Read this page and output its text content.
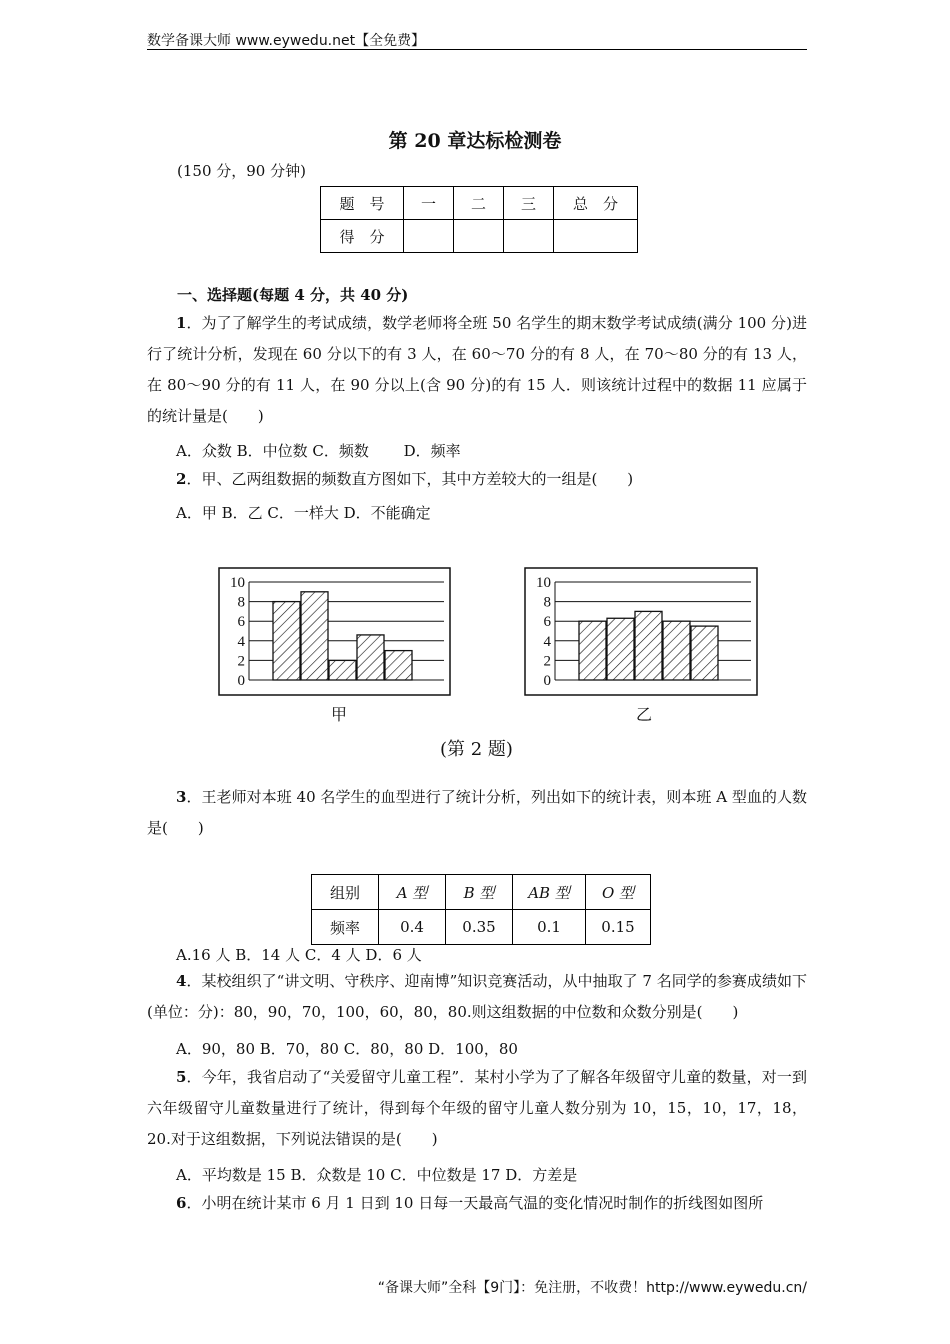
数学备课大师 www.eywedu.net【全免费】
第 20 章达标检测卷
(150 分，90 分钟)
题　号	一	二	三	总　分
得　分				
一、选择题(每题 4 分，共 40 分)
1．为了了解学生的考试成绩，数学老师将全班 50 名学生的期末数学考试成绩(满分 100 分)进行了统计分析，发现在 60 分以下的有 3 人，在 60～70 分的有 8 人，在 70～80 分的有 13 人，在 80～90 分的有 11 人，在 90 分以上(含 90 分)的有 15 人．则该统计过程中的数据 11 应属于的统计量是(　　)
A．众数 B．中位数 C．频数　　 D．频率
2．甲、乙两组数据的频数直方图如下，其中方差较大的一组是(　　)
A．甲 B．乙 C．一样大 D．不能确定
0
2
4
6
8
10
0
2
4
6
8
10
甲	乙
(第 2 题)
3．王老师对本班 40 名学生的血型进行了统计分析，列出如下的统计表，则本班 A 型血的人数是(　　)
组别	A 型	B 型	AB 型	O 型
频率	0.4	0.35	0.1	0.15
A.16 人 B．14 人 C．4 人 D．6 人
4．某校组织了“讲文明、守秩序、迎南博”知识竞赛活动，从中抽取了 7 名同学的参赛成绩如下(单位：分)：80，90，70，100，60，80，80.则这组数据的中位数和众数分别是(　　)
A．90，80 B．70，80 C．80，80 D．100，80
5．今年，我省启动了“关爱留守儿童工程”．某村小学为了了解各年级留守儿童的数量，对一到六年级留守儿童数量进行了统计，得到每个年级的留守儿童人数分别为 10，15，10，17，18，20.对于这组数据，下列说法错误的是(　　)
A．平均数是 15 B．众数是 10 C．中位数是 17 D．方差是
6．小明在统计某市 6 月 1 日到 10 日每一天最高气温的变化情况时制作的折线图如图所
“备课大师”全科【9门】：免注册，不收费！http://www.eywedu.cn/
